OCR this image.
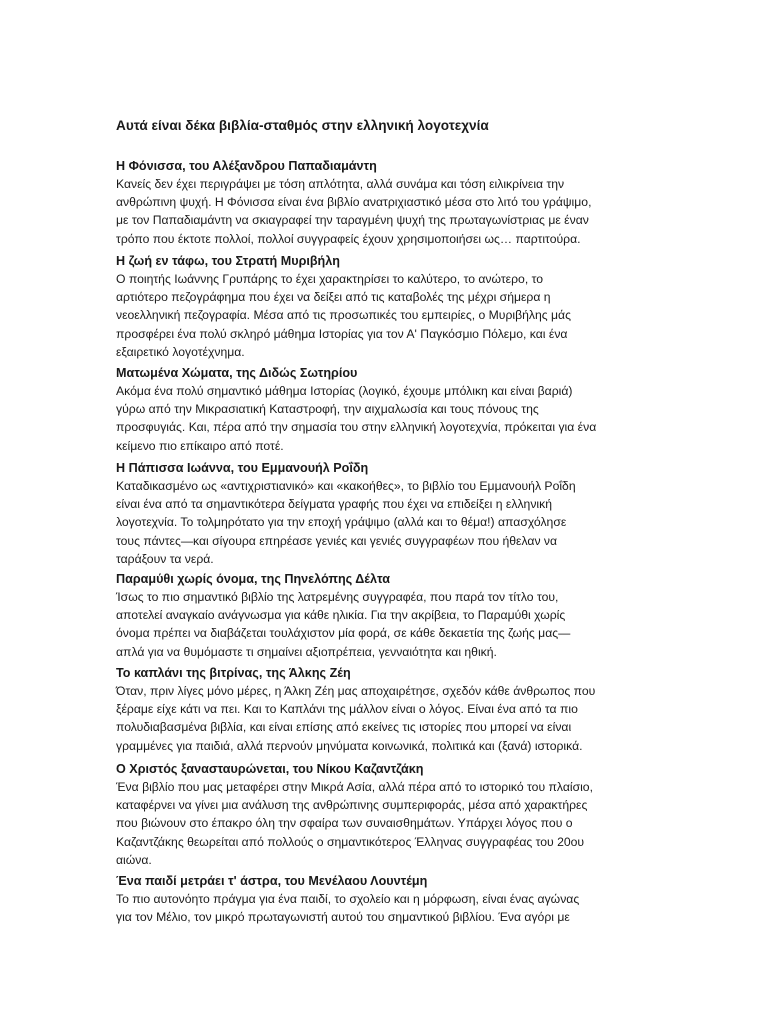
Αυτά είναι δέκα βιβλία-σταθμός στην ελληνική λογοτεχνία
Η Φόνισσα, του Αλέξανδρου Παπαδιαμάντη

Κανείς δεν έχει περιγράψει με τόση απλότητα, αλλά συνάμα και τόση ειλικρίνεια την
ανθρώπινη ψυχή. Η Φόνισσα είναι ένα βιβλίο ανατριχιαστικό μέσα στο λιτό του γράψιμο,
με τον Παπαδιαμάντη να σκιαγραφεί την ταραγμένη ψυχή της πρωταγωνίστριας με έναν
τρόπο που έκτοτε πολλοί, πολλοί συγγραφείς έχουν χρησιμοποιήσει ως… παρτιτούρα.

Η ζωή εν τάφω, του Στρατή Μυριβήλη

Ο ποιητής Ιωάννης Γρυπάρης το έχει χαρακτηρίσει το καλύτερο, το ανώτερο, το
αρτιότερο πεζογράφημα που έχει να δείξει από τις καταβολές της μέχρι σήμερα η
νεοελληνική πεζογραφία. Μέσα από τις προσωπικές του εμπειρίες, ο Μυριβήλης μάς
προσφέρει ένα πολύ σκληρό μάθημα Ιστορίας για τον Α' Παγκόσμιο Πόλεμο, και ένα
εξαιρετικό λογοτέχνημα.

Ματωμένα Χώματα, της Διδώς Σωτηρίου

Ακόμα ένα πολύ σημαντικό μάθημα Ιστορίας (λογικό, έχουμε μπόλικη και είναι βαριά)
γύρω από την Μικρασιατική Καταστροφή, την αιχμαλωσία και τους πόνους της
προσφυγιάς. Και, πέρα από την σημασία του στην ελληνική λογοτεχνία, πρόκειται για ένα
κείμενο πιο επίκαιρο από ποτέ.

Η Πάπισσα Ιωάννα, του Εμμανουήλ Ροΐδη

Καταδικασμένο ως «αντιχριστιανικό» και «κακοήθες», το βιβλίο του Εμμανουήλ Ροΐδη
είναι ένα από τα σημαντικότερα δείγματα γραφής που έχει να επιδείξει η ελληνική
λογοτεχνία. Το τολμηρότατο για την εποχή γράψιμο (αλλά και το θέμα!) απασχόλησε
τους πάντες—και σίγουρα επηρέασε γενιές και γενιές συγγραφέων που ήθελαν να
ταράξουν τα νερά.

Παραμύθι χωρίς όνομα, της Πηνελόπης Δέλτα

Ίσως το πιο σημαντικό βιβλίο της λατρεμένης συγγραφέα, που παρά τον τίτλο του,
αποτελεί αναγκαίο ανάγνωσμα για κάθε ηλικία. Για την ακρίβεια, το Παραμύθι χωρίς
όνομα πρέπει να διαβάζεται τουλάχιστον μία φορά, σε κάθε δεκαετία της ζωής μας—
απλά για να θυμόμαστε τι σημαίνει αξιοπρέπεια, γενναιότητα και ηθική.

Το καπλάνι της βιτρίνας, της Άλκης Ζέη

Όταν, πριν λίγες μόνο μέρες, η Άλκη Ζέη μας αποχαιρέτησε, σχεδόν κάθε άνθρωπος που
ξέραμε είχε κάτι να πει. Και το Καπλάνι της μάλλον είναι ο λόγος. Είναι ένα από τα πιο
πολυδιαβασμένα βιβλία, και είναι επίσης από εκείνες τις ιστορίες που μπορεί να είναι
γραμμένες για παιδιά, αλλά περνούν μηνύματα κοινωνικά, πολιτικά και (ξανά) ιστορικά.

Ο Χριστός ξανασταυρώνεται, του Νίκου Καζαντζάκη

Ένα βιβλίο που μας μεταφέρει στην Μικρά Ασία, αλλά πέρα από το ιστορικό του πλαίσιο,
καταφέρνει να γίνει μια ανάλυση της ανθρώπινης συμπεριφοράς, μέσα από χαρακτήρες
που βιώνουν στο έπακρο όλη την σφαίρα των συναισθημάτων. Υπάρχει λόγος που ο
Καζαντζάκης θεωρείται από πολλούς ο σημαντικότερος Έλληνας συγγραφέας του 20ου
αιώνα.

Ένα παιδί μετράει τ' άστρα, του Μενέλαου Λουντέμη

Το πιο αυτονόητο πράγμα για ένα παιδί, το σχολείο και η μόρφωση, είναι ένας αγώνας
για τον Μέλιο, τον μικρό πρωταγωνιστή αυτού του σημαντικού βιβλίου. Ένα αγόρι με
